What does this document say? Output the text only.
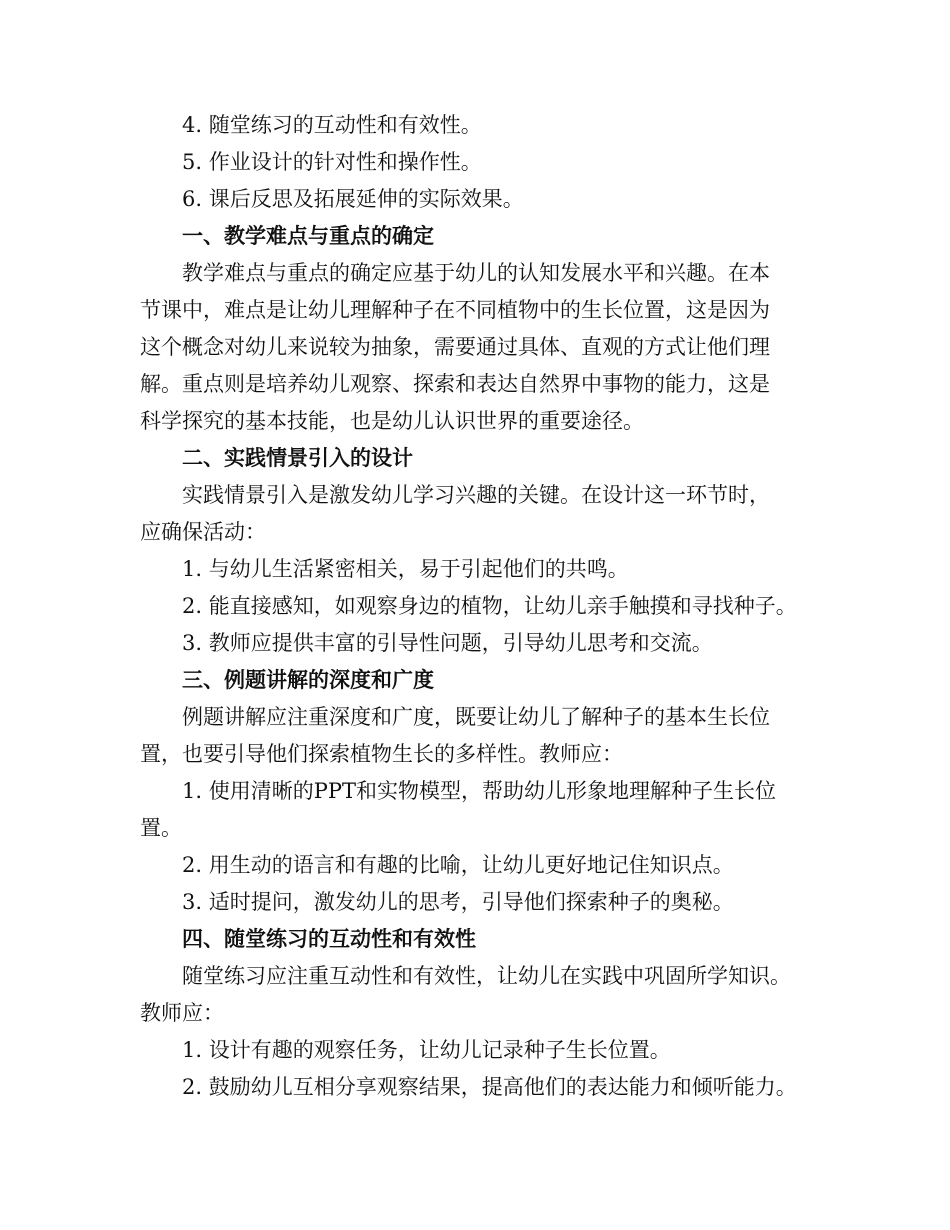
4. 随堂练习的互动性和有效性。
5. 作业设计的针对性和操作性。
6. 课后反思及拓展延伸的实际效果。
一、教学难点与重点的确定
教学难点与重点的确定应基于幼儿的认知发展水平和兴趣。在本
节课中，难点是让幼儿理解种子在不同植物中的生长位置，这是因为
这个概念对幼儿来说较为抽象，需要通过具体、直观的方式让他们理
解。重点则是培养幼儿观察、探索和表达自然界中事物的能力，这是
科学探究的基本技能，也是幼儿认识世界的重要途径。
二、实践情景引入的设计
实践情景引入是激发幼儿学习兴趣的关键。在设计这一环节时，
应确保活动：
1. 与幼儿生活紧密相关，易于引起他们的共鸣。
2. 能直接感知，如观察身边的植物，让幼儿亲手触摸和寻找种子。
3. 教师应提供丰富的引导性问题，引导幼儿思考和交流。
三、例题讲解的深度和广度
例题讲解应注重深度和广度，既要让幼儿了解种子的基本生长位
置，也要引导他们探索植物生长的多样性。教师应：
1. 使用清晰的PPT和实物模型，帮助幼儿形象地理解种子生长位
置。
2. 用生动的语言和有趣的比喻，让幼儿更好地记住知识点。
3. 适时提问，激发幼儿的思考，引导他们探索种子的奥秘。
四、随堂练习的互动性和有效性
随堂练习应注重互动性和有效性，让幼儿在实践中巩固所学知识。
教师应：
1. 设计有趣的观察任务，让幼儿记录种子生长位置。
2. 鼓励幼儿互相分享观察结果，提高他们的表达能力和倾听能力。
